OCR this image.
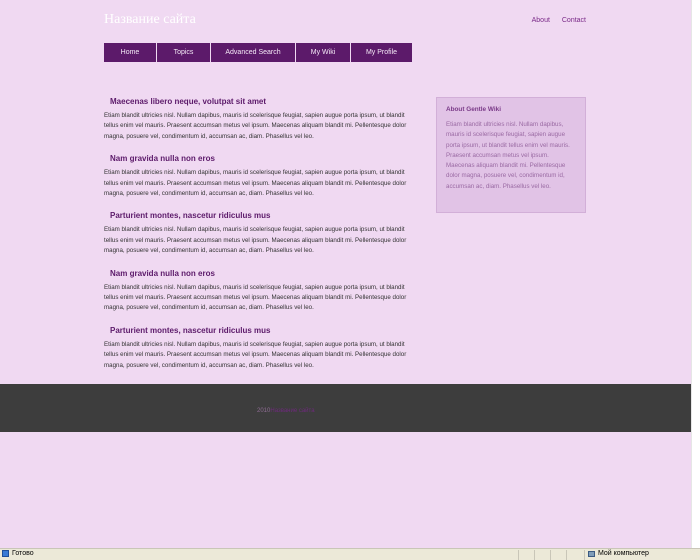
Название сайта	About Contact
Home	Topics	Advanced Search	My Wiki	My Profile
Maecenas libero neque, volutpat sit amet

Etiam blandit ultricies nisl. Nullam dapibus, mauris id scelerisque feugiat, sapien augue porta ipsum, ut blandit tellus enim vel mauris. Praesent accumsan metus vel ipsum. Maecenas aliquam blandit mi. Pellentesque dolor magna, posuere vel, condimentum id, accumsan ac, diam. Phasellus vel leo.

Nam gravida nulla non eros

Etiam blandit ultricies nisl. Nullam dapibus, mauris id scelerisque feugiat, sapien augue porta ipsum, ut blandit tellus enim vel mauris. Praesent accumsan metus vel ipsum. Maecenas aliquam blandit mi. Pellentesque dolor magna, posuere vel, condimentum id, accumsan ac, diam. Phasellus vel leo.

Parturient montes, nascetur ridiculus mus

Etiam blandit ultricies nisl. Nullam dapibus, mauris id scelerisque feugiat, sapien augue porta ipsum, ut blandit tellus enim vel mauris. Praesent accumsan metus vel ipsum. Maecenas aliquam blandit mi. Pellentesque dolor magna, posuere vel, condimentum id, accumsan ac, diam. Phasellus vel leo.

Nam gravida nulla non eros

Etiam blandit ultricies nisl. Nullam dapibus, mauris id scelerisque feugiat, sapien augue porta ipsum, ut blandit tellus enim vel mauris. Praesent accumsan metus vel ipsum. Maecenas aliquam blandit mi. Pellentesque dolor magna, posuere vel, condimentum id, accumsan ac, diam. Phasellus vel leo.

Parturient montes, nascetur ridiculus mus

Etiam blandit ultricies nisl. Nullam dapibus, mauris id scelerisque feugiat, sapien augue porta ipsum, ut blandit tellus enim vel mauris. Praesent accumsan metus vel ipsum. Maecenas aliquam blandit mi. Pellentesque dolor magna, posuere vel, condimentum id, accumsan ac, diam. Phasellus vel leo.

About Gentle Wiki

Etiam blandit ultricies nisl. Nullam dapibus, mauris id scelerisque feugiat, sapien augue porta ipsum, ut blandit tellus enim vel mauris. Praesent accumsan metus vel ipsum. Maecenas aliquam blandit mi. Pellentesque dolor magna, posuere vel, condimentum id, accumsan ac, diam. Phasellus vel leo.

2010Название сайта
Готово	Мой компьютер
